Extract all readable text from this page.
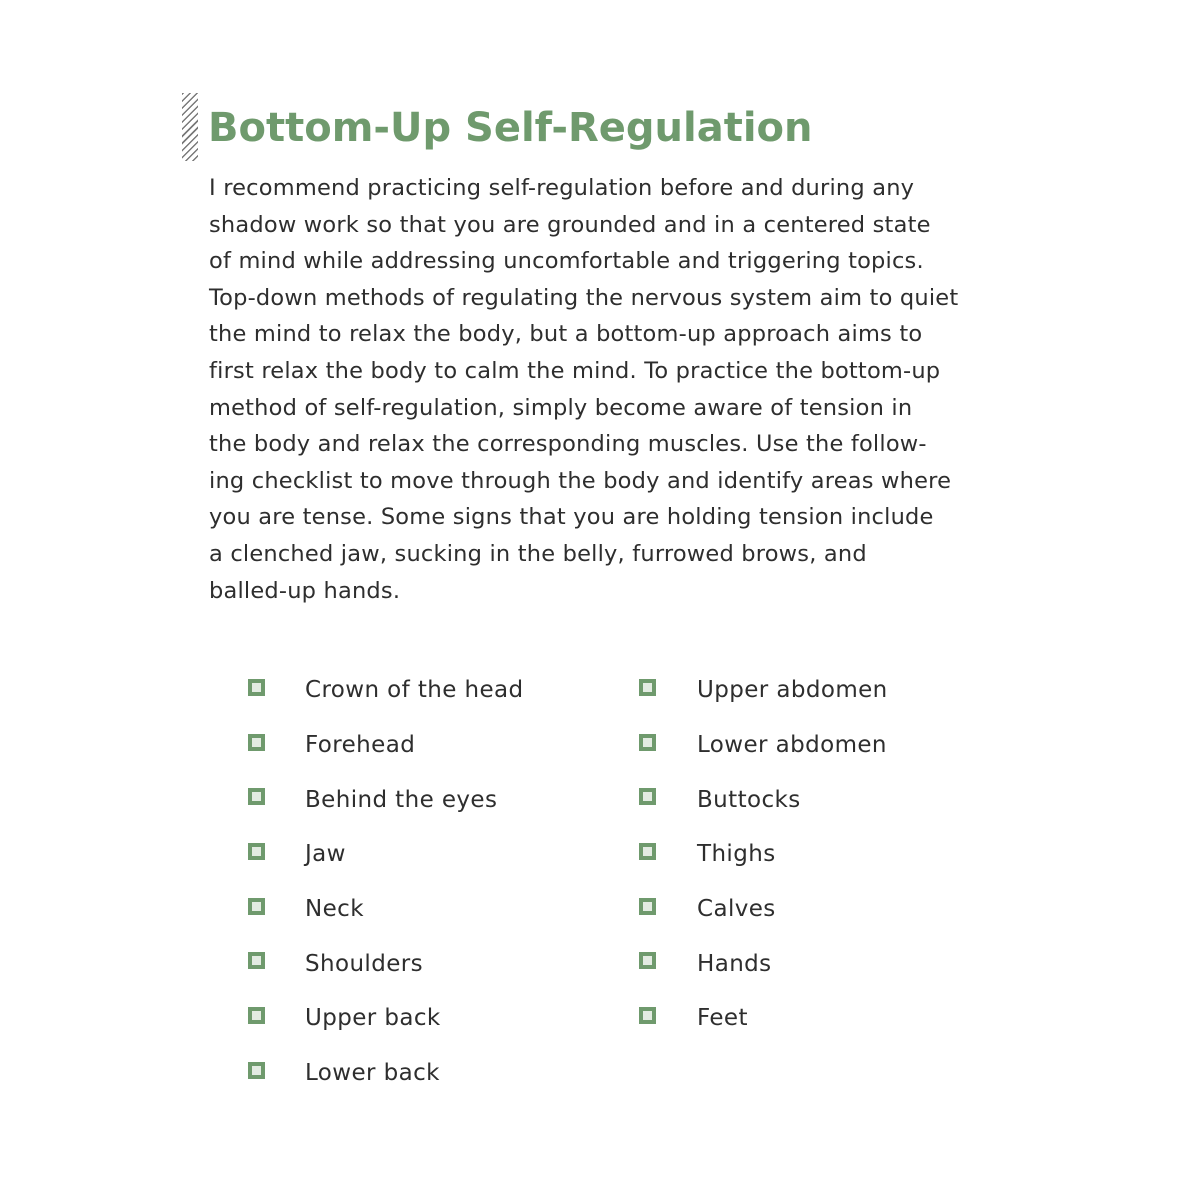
Bottom-Up Self-Regulation

I recommend practicing self-regulation before and during any
shadow work so that you are grounded and in a centered state
of mind while addressing uncomfortable and triggering topics.
Top-down methods of regulating the nervous system aim to quiet
the mind to relax the body, but a bottom-up approach aims to
first relax the body to calm the mind. To practice the bottom-up
method of self-regulation, simply become aware of tension in
the body and relax the corresponding muscles. Use the follow-
ing checklist to move through the body and identify areas where
you are tense. Some signs that you are holding tension include
a clenched jaw, sucking in the belly, furrowed brows, and
balled-up hands.

Crown of the head
Forehead
Behind the eyes
Jaw
Neck
Shoulders
Upper back
Lower back
Upper abdomen
Lower abdomen
Buttocks
Thighs
Calves
Hands
Feet
